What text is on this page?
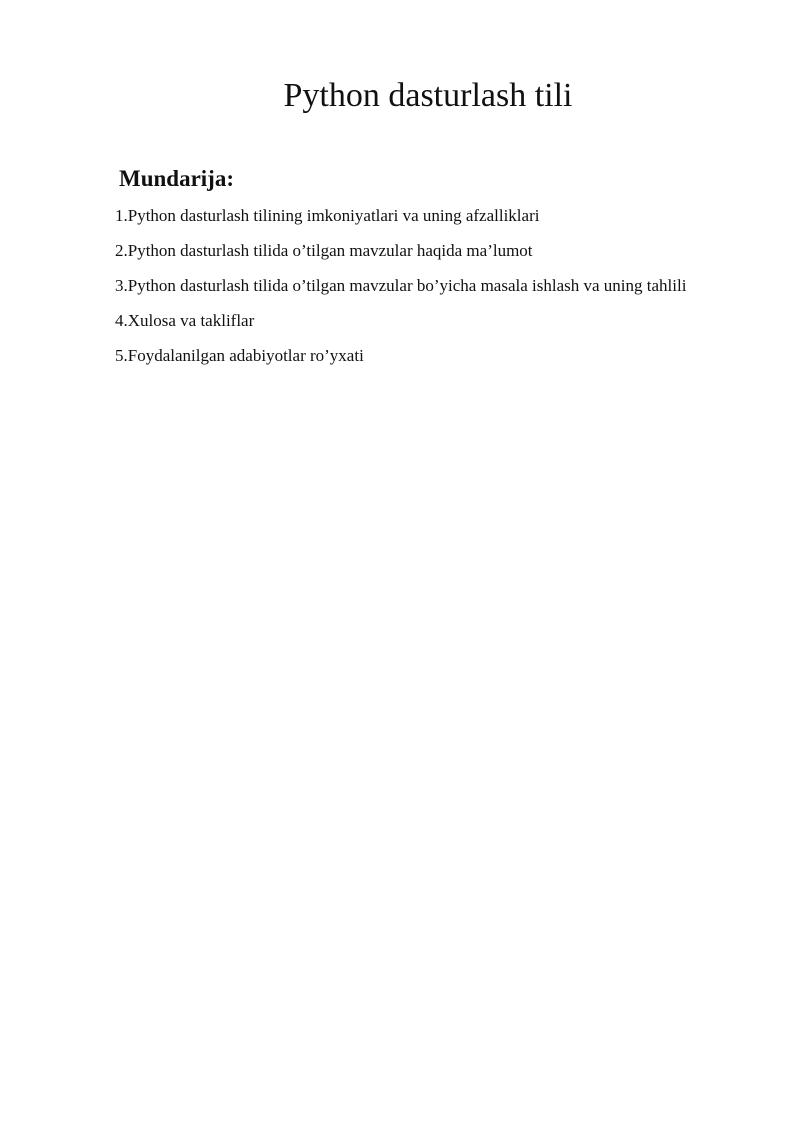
Python dasturlash tili
Mundarija:
1.Python dasturlash tilining imkoniyatlari va uning afzalliklari
2.Python dasturlash tilida o’tilgan mavzular haqida ma’lumot
3.Python dasturlash tilida o’tilgan mavzular bo’yicha masala ishlash va uning tahlili
4.Xulosa va takliflar
5.Foydalanilgan adabiyotlar ro’yxati
